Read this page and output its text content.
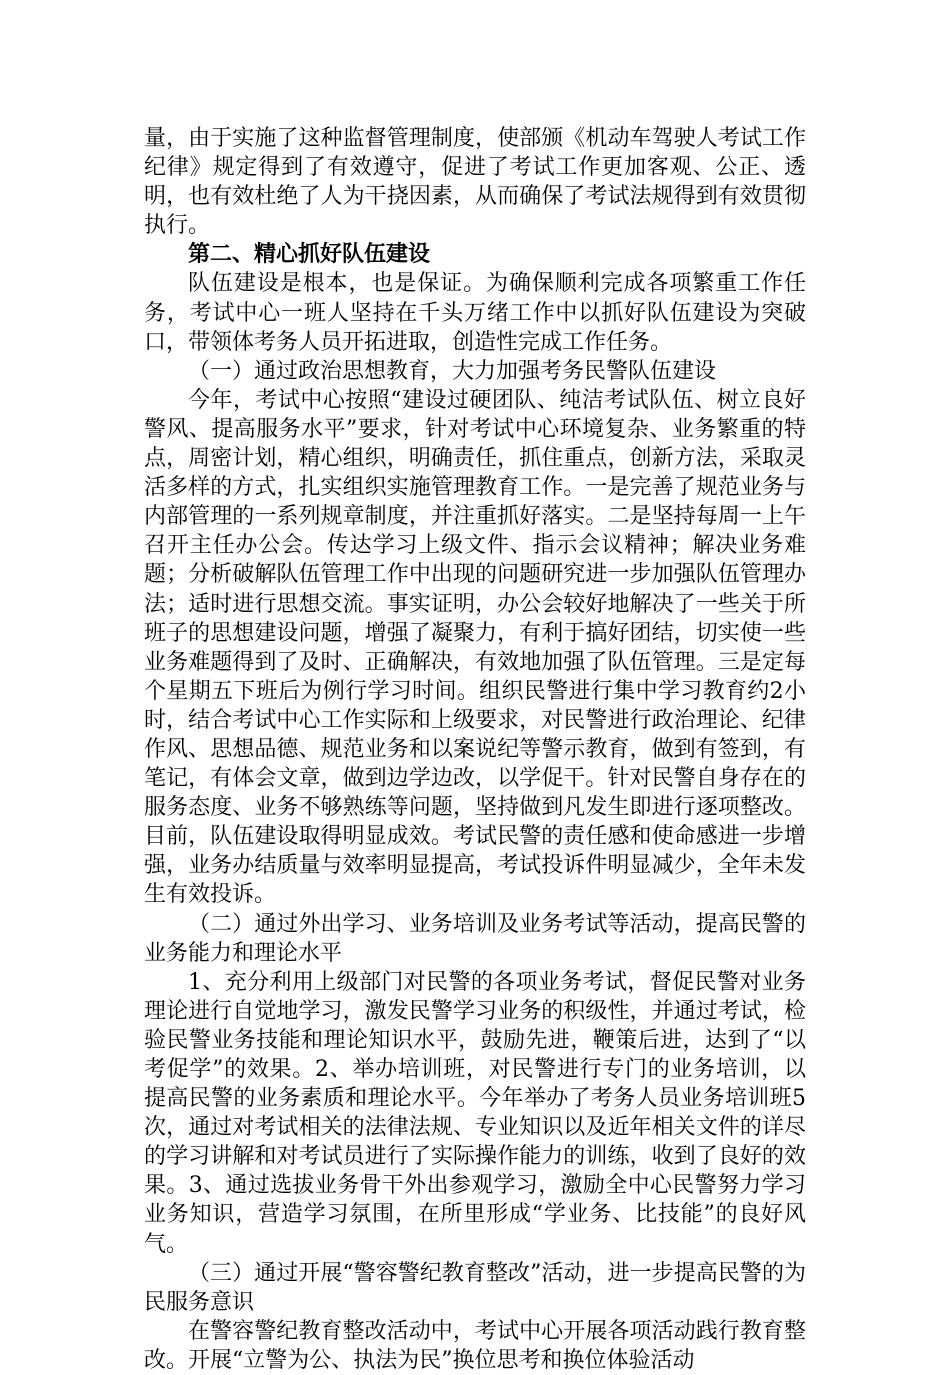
量，由于实施了这种监督管理制度，使部颁《机动车驾驶人考试工作纪律》规定得到了有效遵守，促进了考试工作更加客观、公正、透明，也有效杜绝了人为干挠因素，从而确保了考试法规得到有效贯彻执行。

第二、精心抓好队伍建设

队伍建设是根本，也是保证。为确保顺利完成各项繁重工作任务，考试中心一班人坚持在千头万绪工作中以抓好队伍建设为突破口，带领体考务人员开拓进取，创造性完成工作任务。

（一）通过政治思想教育，大力加强考务民警队伍建设

今年，考试中心按照“建设过硬团队、纯洁考试队伍、树立良好警风、提高服务水平”要求，针对考试中心环境复杂、业务繁重的特点，周密计划，精心组织，明确责任，抓住重点，创新方法，采取灵活多样的方式，扎实组织实施管理教育工作。一是完善了规范业务与内部管理的一系列规章制度，并注重抓好落实。二是坚持每周一上午召开主任办公会。传达学习上级文件、指示会议精神；解决业务难题；分析破解队伍管理工作中出现的问题研究进一步加强队伍管理办法；适时进行思想交流。事实证明，办公会较好地解决了一些关于所班子的思想建设问题，增强了凝聚力，有利于搞好团结，切实使一些业务难题得到了及时、正确解决，有效地加强了队伍管理。三是定每个星期五下班后为例行学习时间。组织民警进行集中学习教育约2小时，结合考试中心工作实际和上级要求，对民警进行政治理论、纪律作风、思想品德、规范业务和以案说纪等警示教育，做到有签到，有笔记，有体会文章，做到边学边改，以学促干。针对民警自身存在的服务态度、业务不够熟练等问题，坚持做到凡发生即进行逐项整改。目前，队伍建设取得明显成效。考试民警的责任感和使命感进一步增强，业务办结质量与效率明显提高，考试投诉件明显减少，全年未发生有效投诉。

（二）通过外出学习、业务培训及业务考试等活动，提高民警的业务能力和理论水平

1、充分利用上级部门对民警的各项业务考试，督促民警对业务理论进行自觉地学习，激发民警学习业务的积级性，并通过考试，检验民警业务技能和理论知识水平，鼓励先进，鞭策后进，达到了“以考促学”的效果。2、举办培训班，对民警进行专门的业务培训，以提高民警的业务素质和理论水平。今年举办了考务人员业务培训班5次，通过对考试相关的法律法规、专业知识以及近年相关文件的详尽的学习讲解和对考试员进行了实际操作能力的训练，收到了良好的效果。3、通过选拔业务骨干外出参观学习，激励全中心民警努力学习业务知识，营造学习氛围，在所里形成“学业务、比技能”的良好风气。

（三）通过开展“警容警纪教育整改”活动，进一步提高民警的为民服务意识

在警容警纪教育整改活动中，考试中心开展各项活动践行教育整改。开展“立警为公、执法为民”换位思考和换位体验活动
